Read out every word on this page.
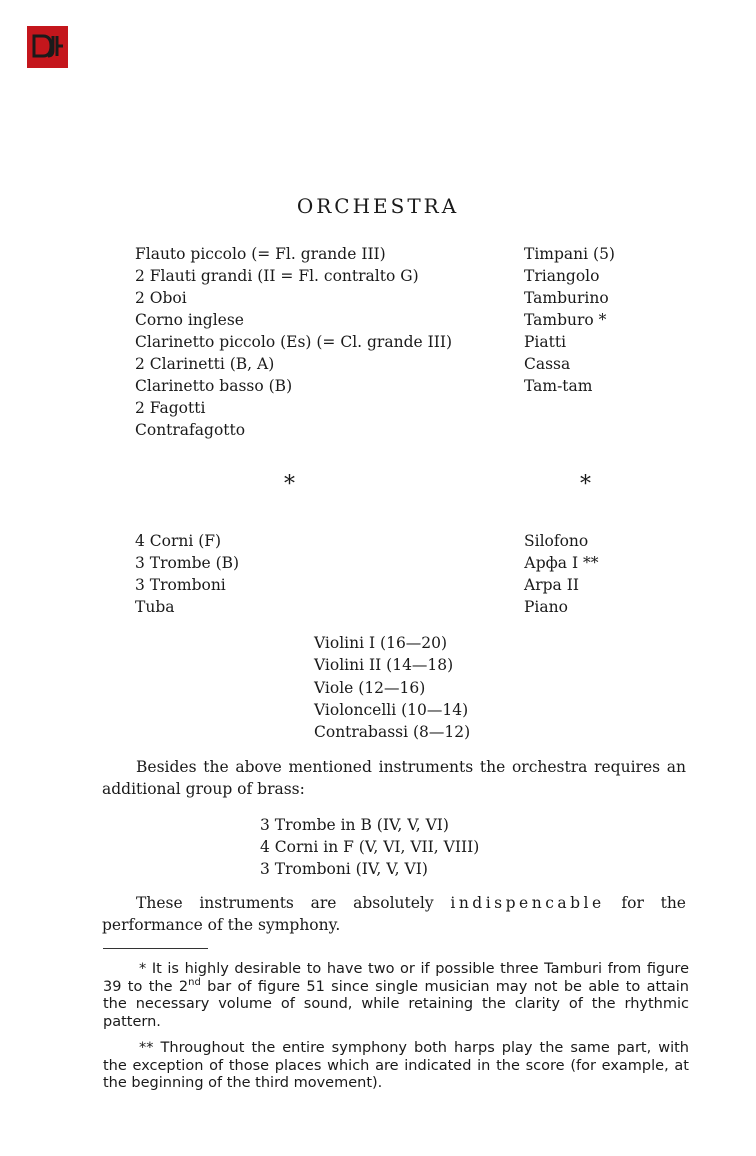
ORCHESTRA
Flauto piccolo (= Fl. grande III)
2 Flauti grandi (II = Fl. contralto G)
2 Oboi
Corno inglese
Clarinetto piccolo (Es) (= Cl. grande III)
2 Clarinetti (B, A)
Clarinetto basso (B)
2 Fagotti
Contrafagotto
Timpani (5)
Triangolo
Tamburino
Tamburo *
Piatti
Cassa
Tam-tam
*	*
4 Corni (F)
3 Trombe (B)
3 Tromboni
Tuba
Silofono
Арфа I **
Arpa II
Piano
Violini I (16—20)
Violini II (14—18)
Viole (12—16)
Violoncelli (10—14)
Contrabassi (8—12)
Besides the above mentioned instruments the orchestra requires an additional group of brass:
3 Trombe in B (IV, V, VI)
4 Corni in F (V, VI, VII, VIII)
3 Tromboni (IV, V, VI)
These instruments are absolutely indispencable for the performance of the symphony.
* It is highly desirable to have two or if possible three Tamburi from figure 39 to the 2nd bar of figure 51 since single musician may not be able to attain the necessary volume of sound, while retaining the clarity of the rhythmic pattern.
** Throughout the entire symphony both harps play the same part, with the exception of those places which are indicated in the score (for example, at the beginning of the third movement).
